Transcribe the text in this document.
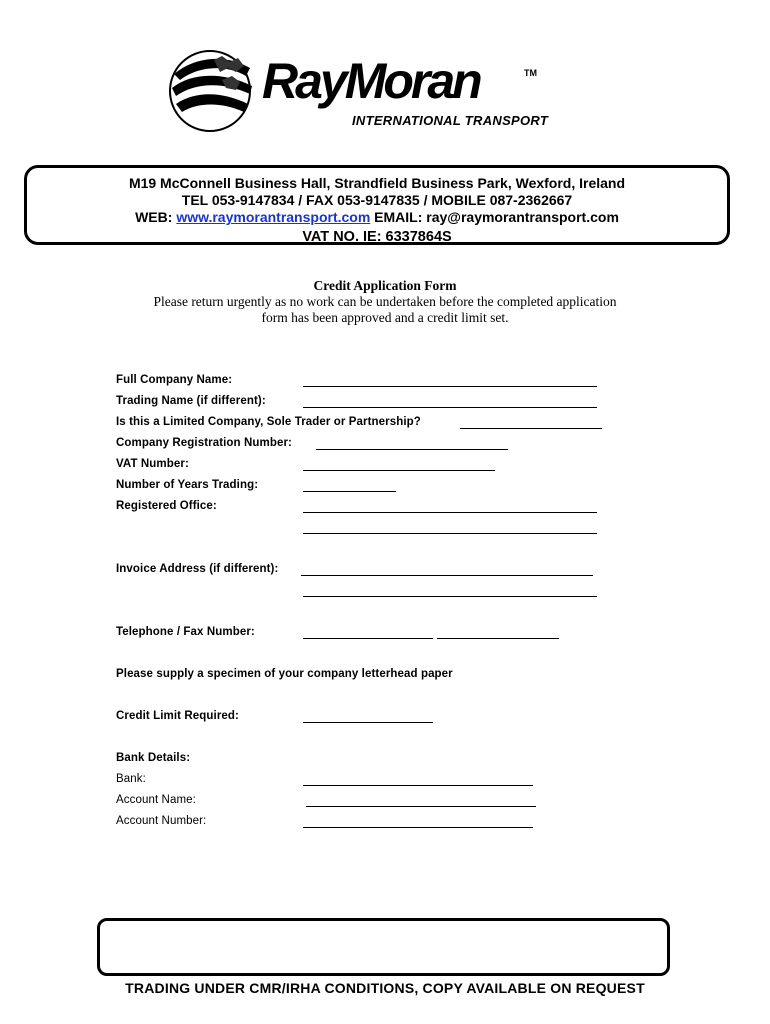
RayMoran	TM
INTERNATIONAL TRANSPORT
M19 McConnell Business Hall, Strandfield Business Park, Wexford, Ireland
TEL 053-9147834 / FAX 053-9147835 / MOBILE 087-2362667
WEB: www.raymorantransport.com EMAIL: ray@raymorantransport.com
VAT NO. IE: 6337864S
Credit Application Form
Please return urgently as no work can be undertaken before the completed application
form has been approved and a credit limit set.
Full Company Name:
Trading Name (if different):
Is this a Limited Company, Sole Trader or Partnership?
Company Registration Number:
VAT Number:
Number of Years Trading:
Registered Office:
Invoice Address (if different):
Telephone / Fax Number:
Please supply a specimen of your company letterhead paper
Credit Limit Required:
Bank Details:
Bank:
Account Name:
Account Number:
TRADING UNDER CMR/IRHA CONDITIONS, COPY AVAILABLE ON REQUEST
